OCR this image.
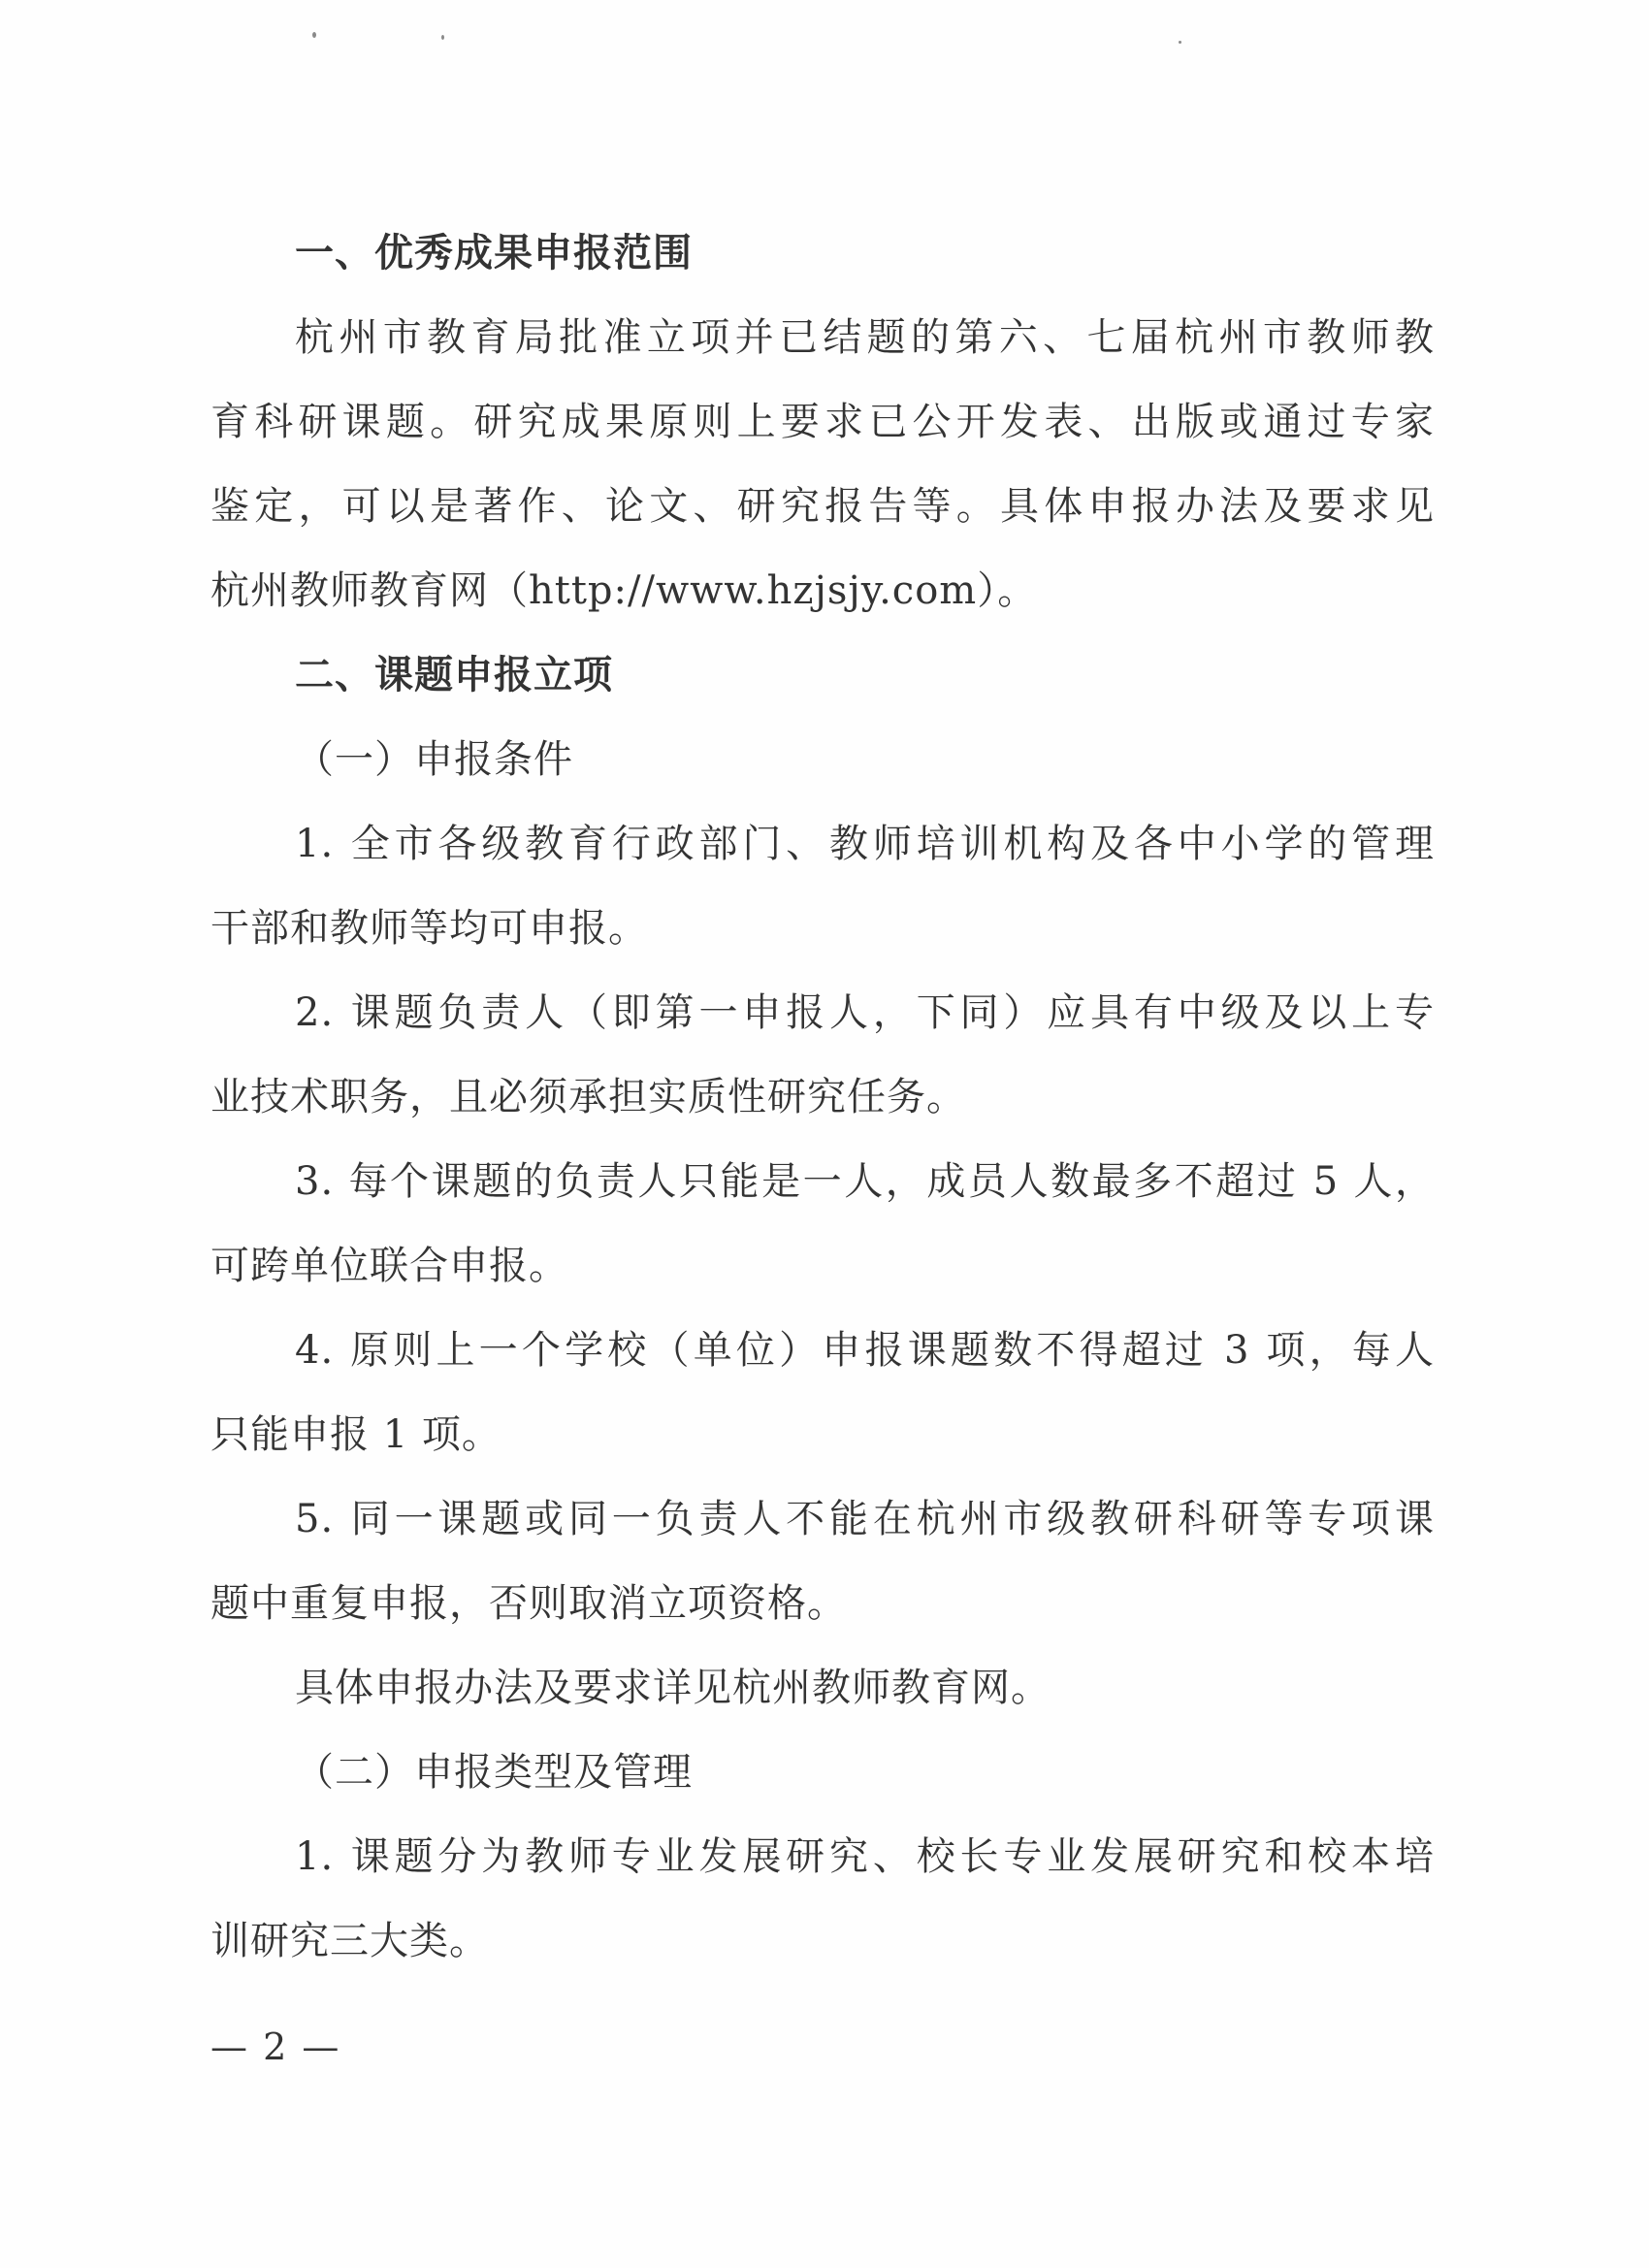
一、优秀成果申报范围
杭州市教育局批准立项并已结题的第六、七届杭州市教师教
育科研课题。研究成果原则上要求已公开发表、出版或通过专家
鉴定，可以是著作、论文、研究报告等。具体申报办法及要求见
杭州教师教育网（http://www.hzjsjy.com）。
二、课题申报立项
（一）申报条件
1. 全市各级教育行政部门、教师培训机构及各中小学的管理
干部和教师等均可申报。
2. 课题负责人（即第一申报人，下同）应具有中级及以上专
业技术职务，且必须承担实质性研究任务。
3. 每个课题的负责人只能是一人，成员人数最多不超过 5 人，
可跨单位联合申报。
4. 原则上一个学校（单位）申报课题数不得超过 3 项，每人
只能申报 1 项。
5. 同一课题或同一负责人不能在杭州市级教研科研等专项课
题中重复申报，否则取消立项资格。
具体申报办法及要求详见杭州教师教育网。
（二）申报类型及管理
1. 课题分为教师专业发展研究、校长专业发展研究和校本培
训研究三大类。
— 2 —
